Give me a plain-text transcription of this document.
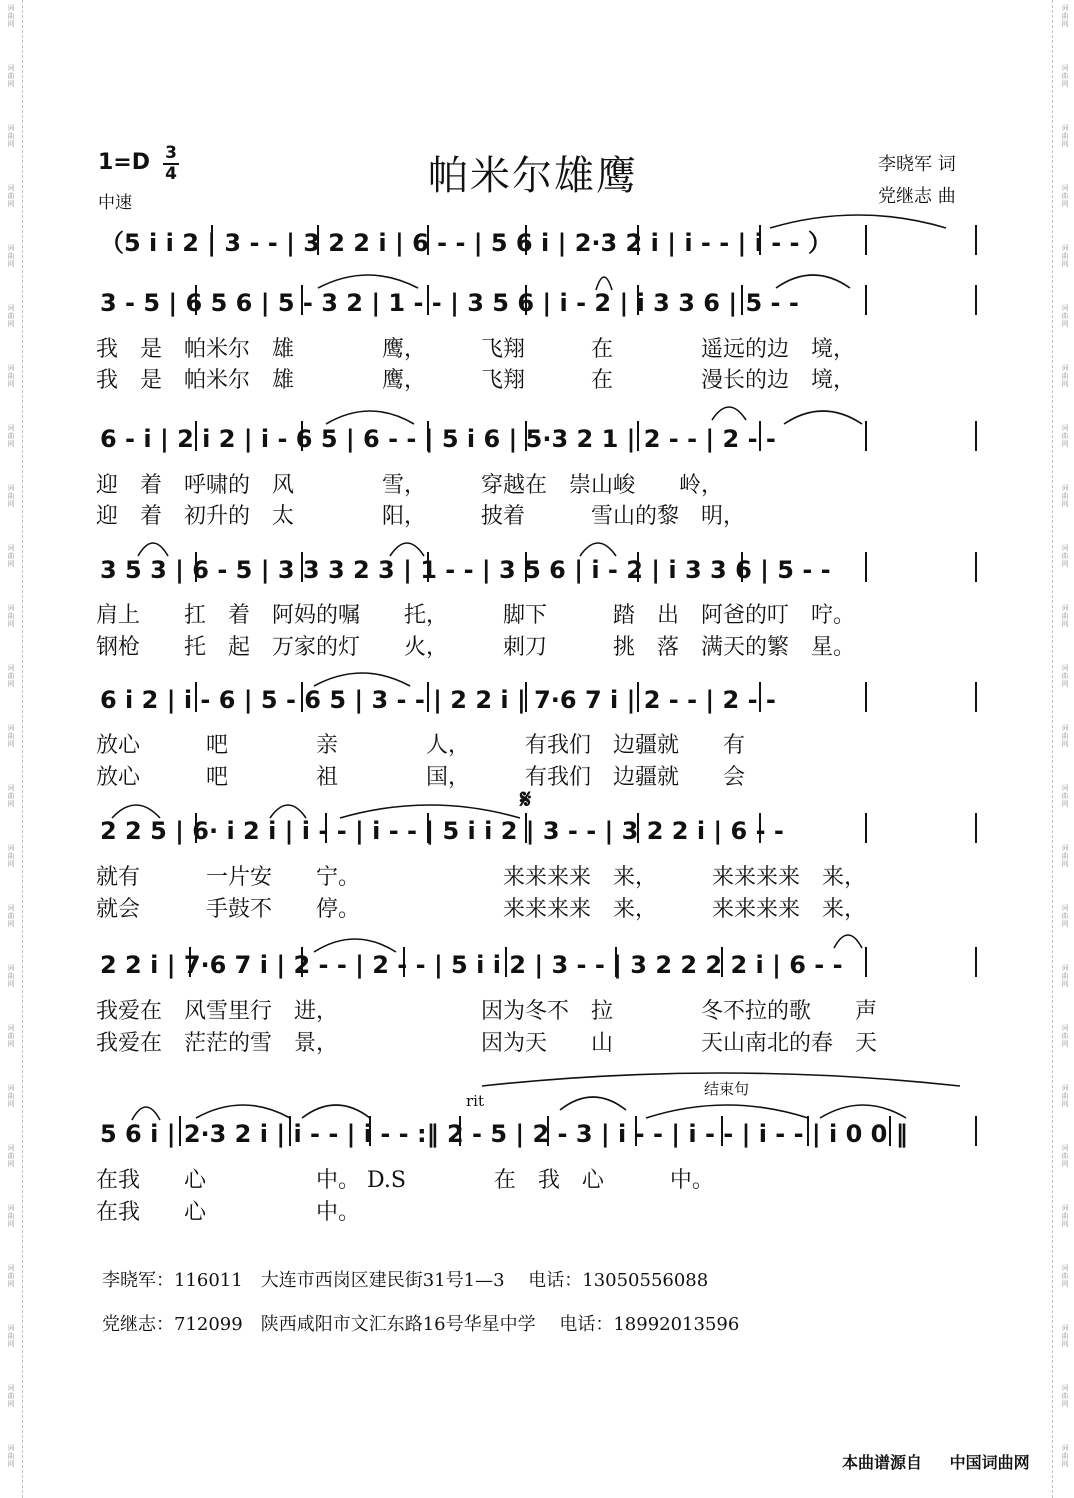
词
曲
网
词
曲
网
词
曲
网
词
曲
网
词
曲
网
词
曲
网
词
曲
网
词
曲
网
词
曲
网
词
曲
网
词
曲
网
词
曲
网
词
曲
网
词
曲
网
词
曲
网
词
曲
网
词
曲
网
词
曲
网
词
曲
网
词
曲
网
词
曲
网
词
曲
网
词
曲
网
词
曲
网
词
曲
网
词
曲
网
词
曲
网
词
曲
网
词
曲
网
词
曲
网
词
曲
网
词
曲
网
词
曲
网
词
曲
网
词
曲
网
词
曲
网
词
曲
网
词
曲
网
词
曲
网
词
曲
网
词
曲
网
词
曲
网
词
曲
网
词
曲
网
词
曲
网
词
曲
网
词
曲
网
词
曲
网
词
曲
网
词
曲
网
1=D 3
4
中速
帕米尔雄鹰	李晓军 词
党继志 曲
（5 i i 2 | 3 - - | 3 2 2 i | 6 - - | 5 6 i | 2·3 2 i | i - - | i - - ）
3 - 5 | 6 5 6 | 5 - 3 2 | 1 - - | 3 5 6 | i - 2 | i 3 3 6 | 5 - -
6 - i | 2 i 2 | i - 6 5 | 6 - - | 5 i 6 | 5·3 2 1 | 2 - - | 2 - -
3 5 3 | 6 - 5 | 3 3 3 2 3 | 1 - - | 3 5 6 | i - 2 | i 3 3 6 | 5 - -
6 i 2 | i - 6 | 5 - 6 5 | 3 - - | 2 2 i | 7·6 7 i | 2 - - | 2 - -
2 2 5 | 6· i 2 i | i - - | i - - | 5 i i 2 | 3 - - | 3 2 2 i | 6 - -
2 2 i | 7·6 7 i | 2 - - | 2 - - | 5 i i 2 | 3 - - | 3 2 2 2 2 i | 6 - -
5 6 i | 2·3 2 i | i - - | i - - :‖ 2 - 5 | 2 - 3 | i - - | i - - | i - - | i 0 0 ‖
我　是　帕米尔　雄　　　　鹰，　　　飞翔　　　在　　　　遥远的边　境，
我　是　帕米尔　雄　　　　鹰，　　　飞翔　　　在　　　　漫长的边　境，
迎　着　呼啸的　风　　　　雪，　　　穿越在　崇山峻　　岭，
迎　着　初升的　太　　　　阳，　　　披着　　　雪山的黎　明，
肩上　　扛　着　阿妈的嘱　　托，　　　脚下　　　踏　出　阿爸的叮　咛。
钢枪　　托　起　万家的灯　　火，　　　刺刀　　　挑　落　满天的繁　星。
放心　　　吧　　　　亲　　　　人，　　　有我们　边疆就　　有
放心　　　吧　　　　祖　　　　国，　　　有我们　边疆就　　会
就有　　　一片安　　宁。　　　　　　　来来来来　来，　　　来来来来　来，
就会　　　手鼓不　　停。　　　　　　　来来来来　来，　　　来来来来　来，
我爱在　风雪里行　进，　　　　　　　因为冬不　拉　　　　冬不拉的歌　　声
我爱在　茫茫的雪　景，　　　　　　　因为天　　山　　　　天山南北的春　天
在我　　心　　　　　中。 D.S　　　　在　我　心　　　中。
在我　　心　　　　　中。
𝄋
rit
结束句
李晓军：116011　大连市西岗区建民街31号1—3　 电话：13050556088
党继志：712099　陕西咸阳市文汇东路16号华星中学　 电话：18992013596
本曲谱源自 中国词曲网
